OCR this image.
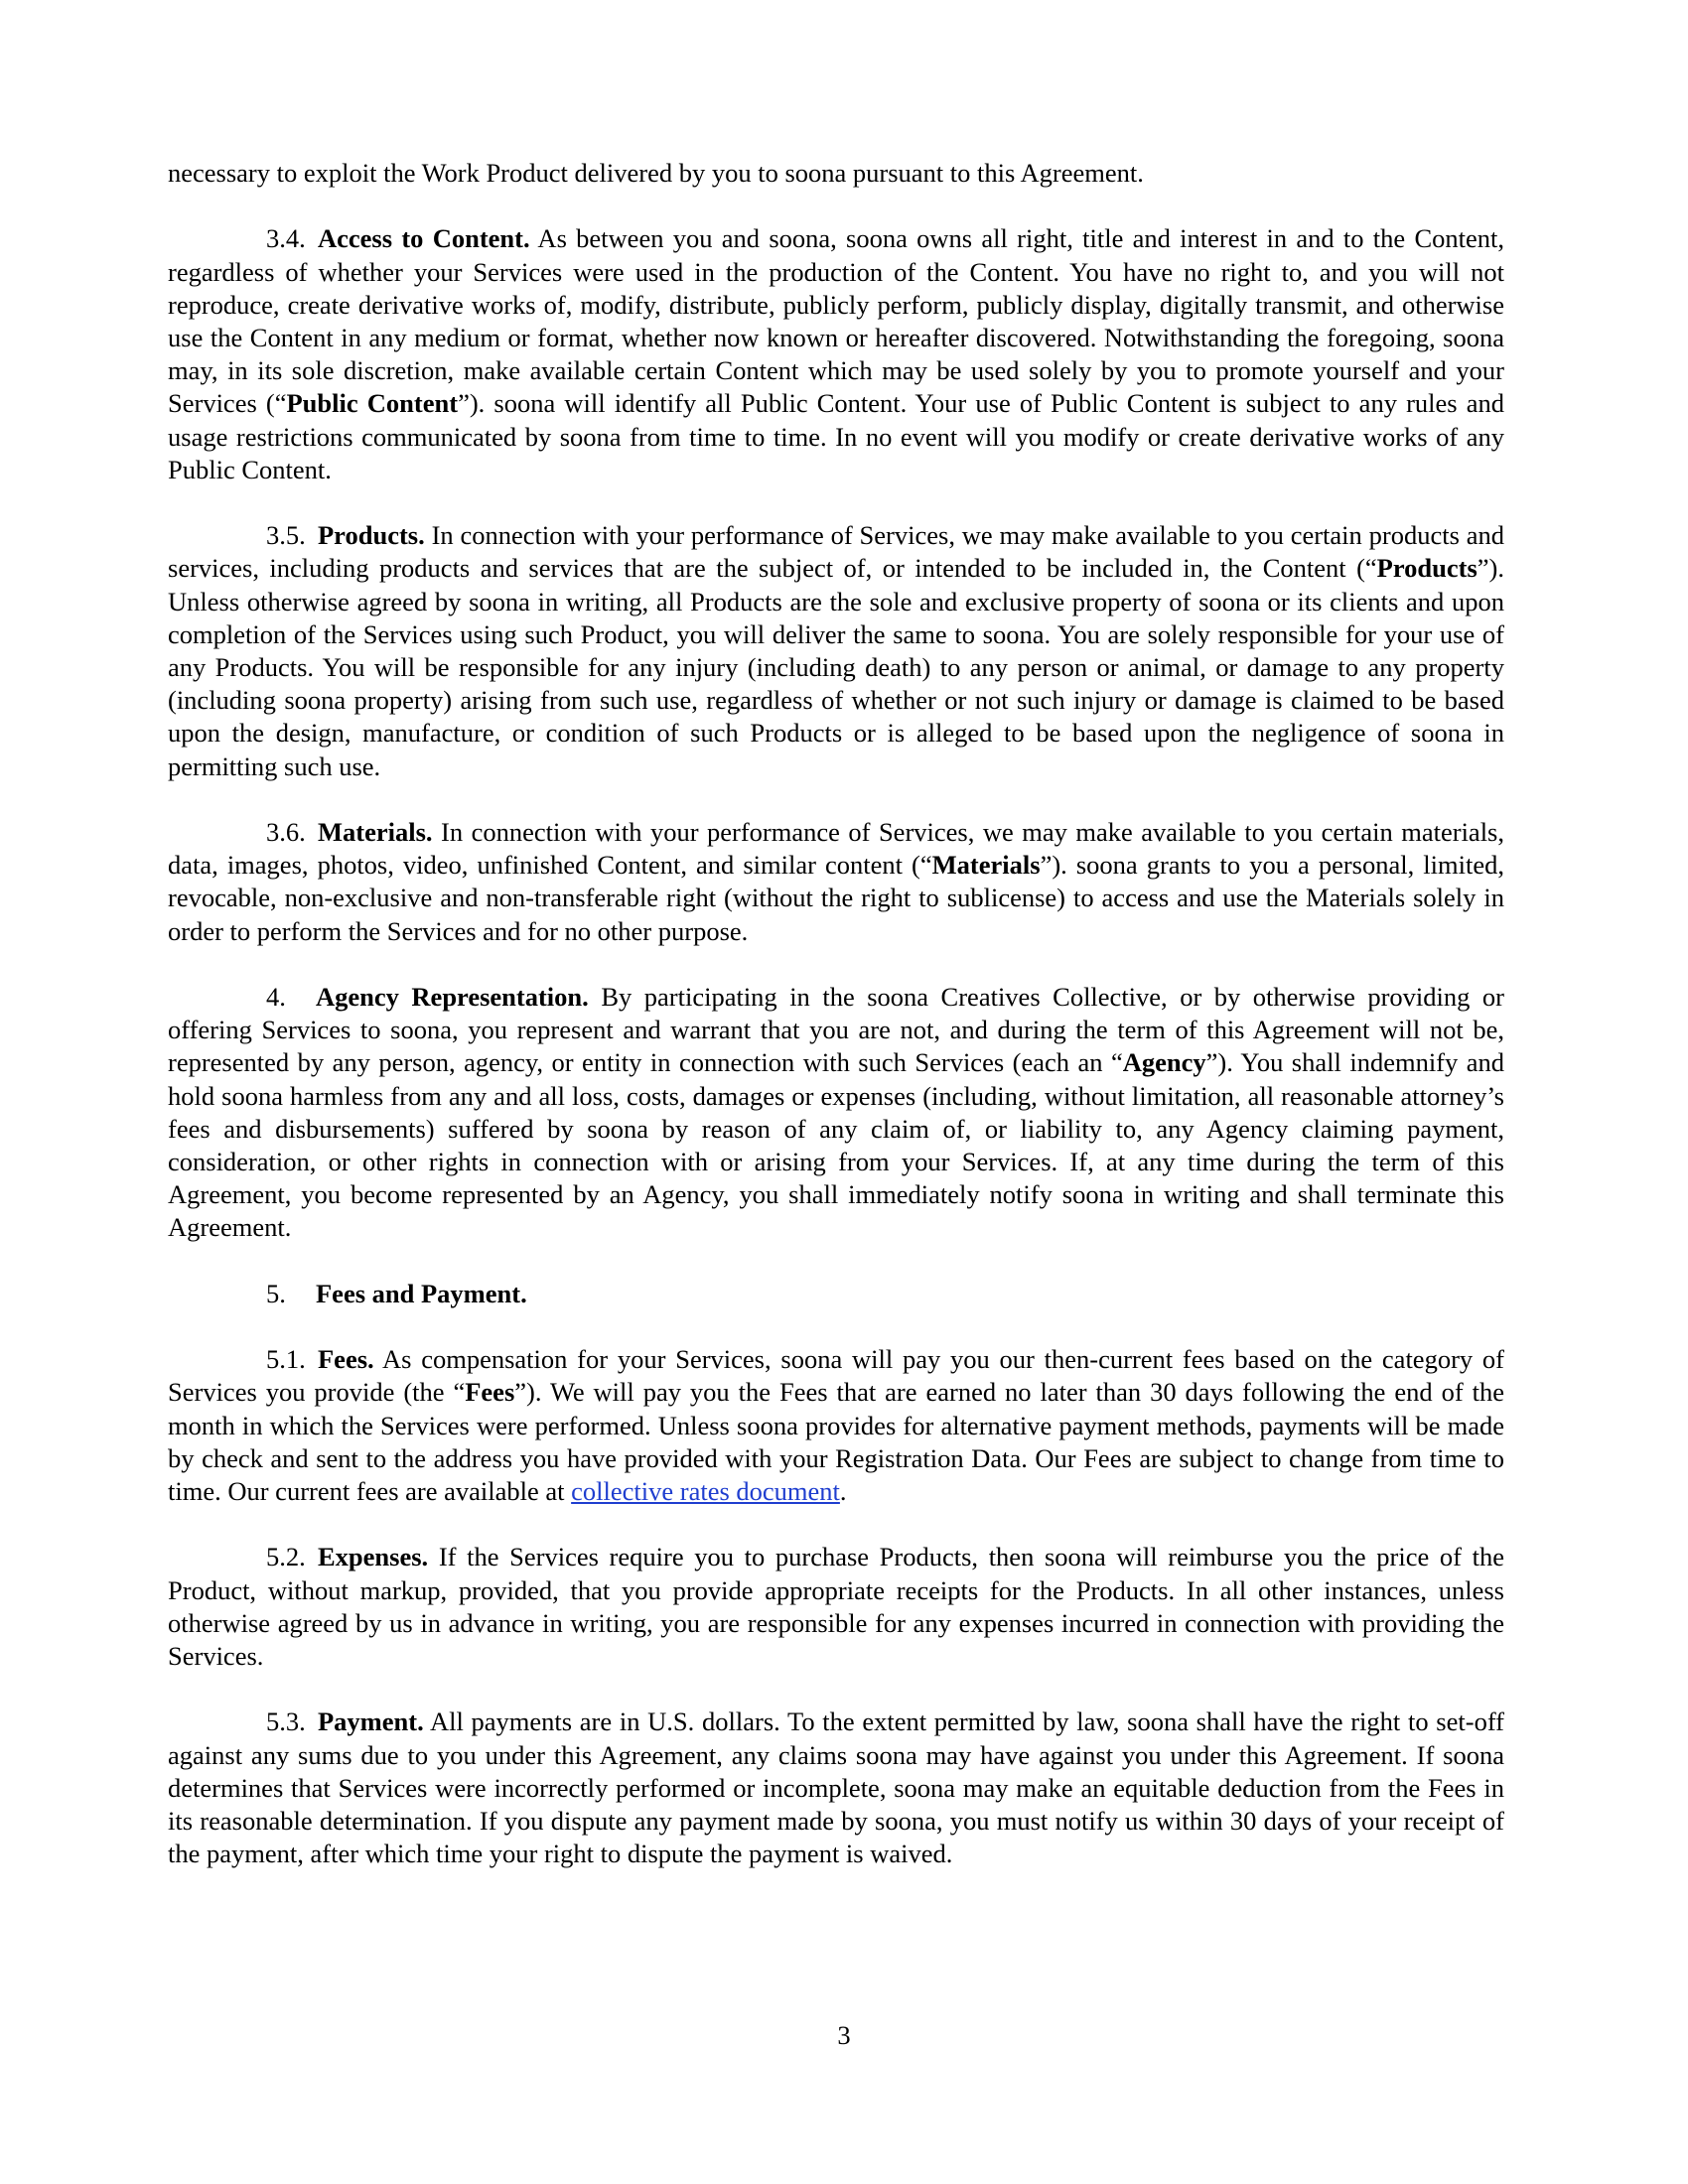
necessary to exploit the Work Product delivered by you to soona pursuant to this Agreement.

3.4. Access to Content. As between you and soona, soona owns all right, title and interest in and to the Content, regardless of whether your Services were used in the production of the Content. You have no right to, and you will not reproduce, create derivative works of, modify, distribute, publicly perform, publicly display, digitally transmit, and otherwise use the Content in any medium or format, whether now known or hereafter discovered. Notwithstanding the foregoing, soona may, in its sole discretion, make available certain Content which may be used solely by you to promote yourself and your Services (“Public Content”). soona will identify all Public Content. Your use of Public Content is subject to any rules and usage restrictions communicated by soona from time to time. In no event will you modify or create derivative works of any Public Content.

3.5. Products. In connection with your performance of Services, we may make available to you certain products and services, including products and services that are the subject of, or intended to be included in, the Content (“Products”). Unless otherwise agreed by soona in writing, all Products are the sole and exclusive property of soona or its clients and upon completion of the Services using such Product, you will deliver the same to soona. You are solely responsible for your use of any Products. You will be responsible for any injury (including death) to any person or animal, or damage to any property (including soona property) arising from such use, regardless of whether or not such injury or damage is claimed to be based upon the design, manufacture, or condition of such Products or is alleged to be based upon the negligence of soona in permitting such use.

3.6. Materials. In connection with your performance of Services, we may make available to you certain materials, data, images, photos, video, unfinished Content, and similar content (“Materials”). soona grants to you a personal, limited, revocable, non-exclusive and non-transferable right (without the right to sublicense) to access and use the Materials solely in order to perform the Services and for no other purpose.

4. Agency Representation. By participating in the soona Creatives Collective, or by otherwise providing or offering Services to soona, you represent and warrant that you are not, and during the term of this Agreement will not be, represented by any person, agency, or entity in connection with such Services (each an “Agency”). You shall indemnify and hold soona harmless from any and all loss, costs, damages or expenses (including, without limitation, all reasonable attorney’s fees and disbursements) suffered by soona by reason of any claim of, or liability to, any Agency claiming payment, consideration, or other rights in connection with or arising from your Services. If, at any time during the term of this Agreement, you become represented by an Agency, you shall immediately notify soona in writing and shall terminate this Agreement.

5. Fees and Payment.

5.1. Fees. As compensation for your Services, soona will pay you our then-current fees based on the category of Services you provide (the “Fees”). We will pay you the Fees that are earned no later than 30 days following the end of the month in which the Services were performed. Unless soona provides for alternative payment methods, payments will be made by check and sent to the address you have provided with your Registration Data. Our Fees are subject to change from time to time. Our current fees are available at collective rates document.

5.2. Expenses. If the Services require you to purchase Products, then soona will reimburse you the price of the Product, without markup, provided, that you provide appropriate receipts for the Products. In all other instances, unless otherwise agreed by us in advance in writing, you are responsible for any expenses incurred in connection with providing the Services.

5.3. Payment. All payments are in U.S. dollars. To the extent permitted by law, soona shall have the right to set-off against any sums due to you under this Agreement, any claims soona may have against you under this Agreement. If soona determines that Services were incorrectly performed or incomplete, soona may make an equitable deduction from the Fees in its reasonable determination. If you dispute any payment made by soona, you must notify us within 30 days of your receipt of the payment, after which time your right to dispute the payment is waived.

3
